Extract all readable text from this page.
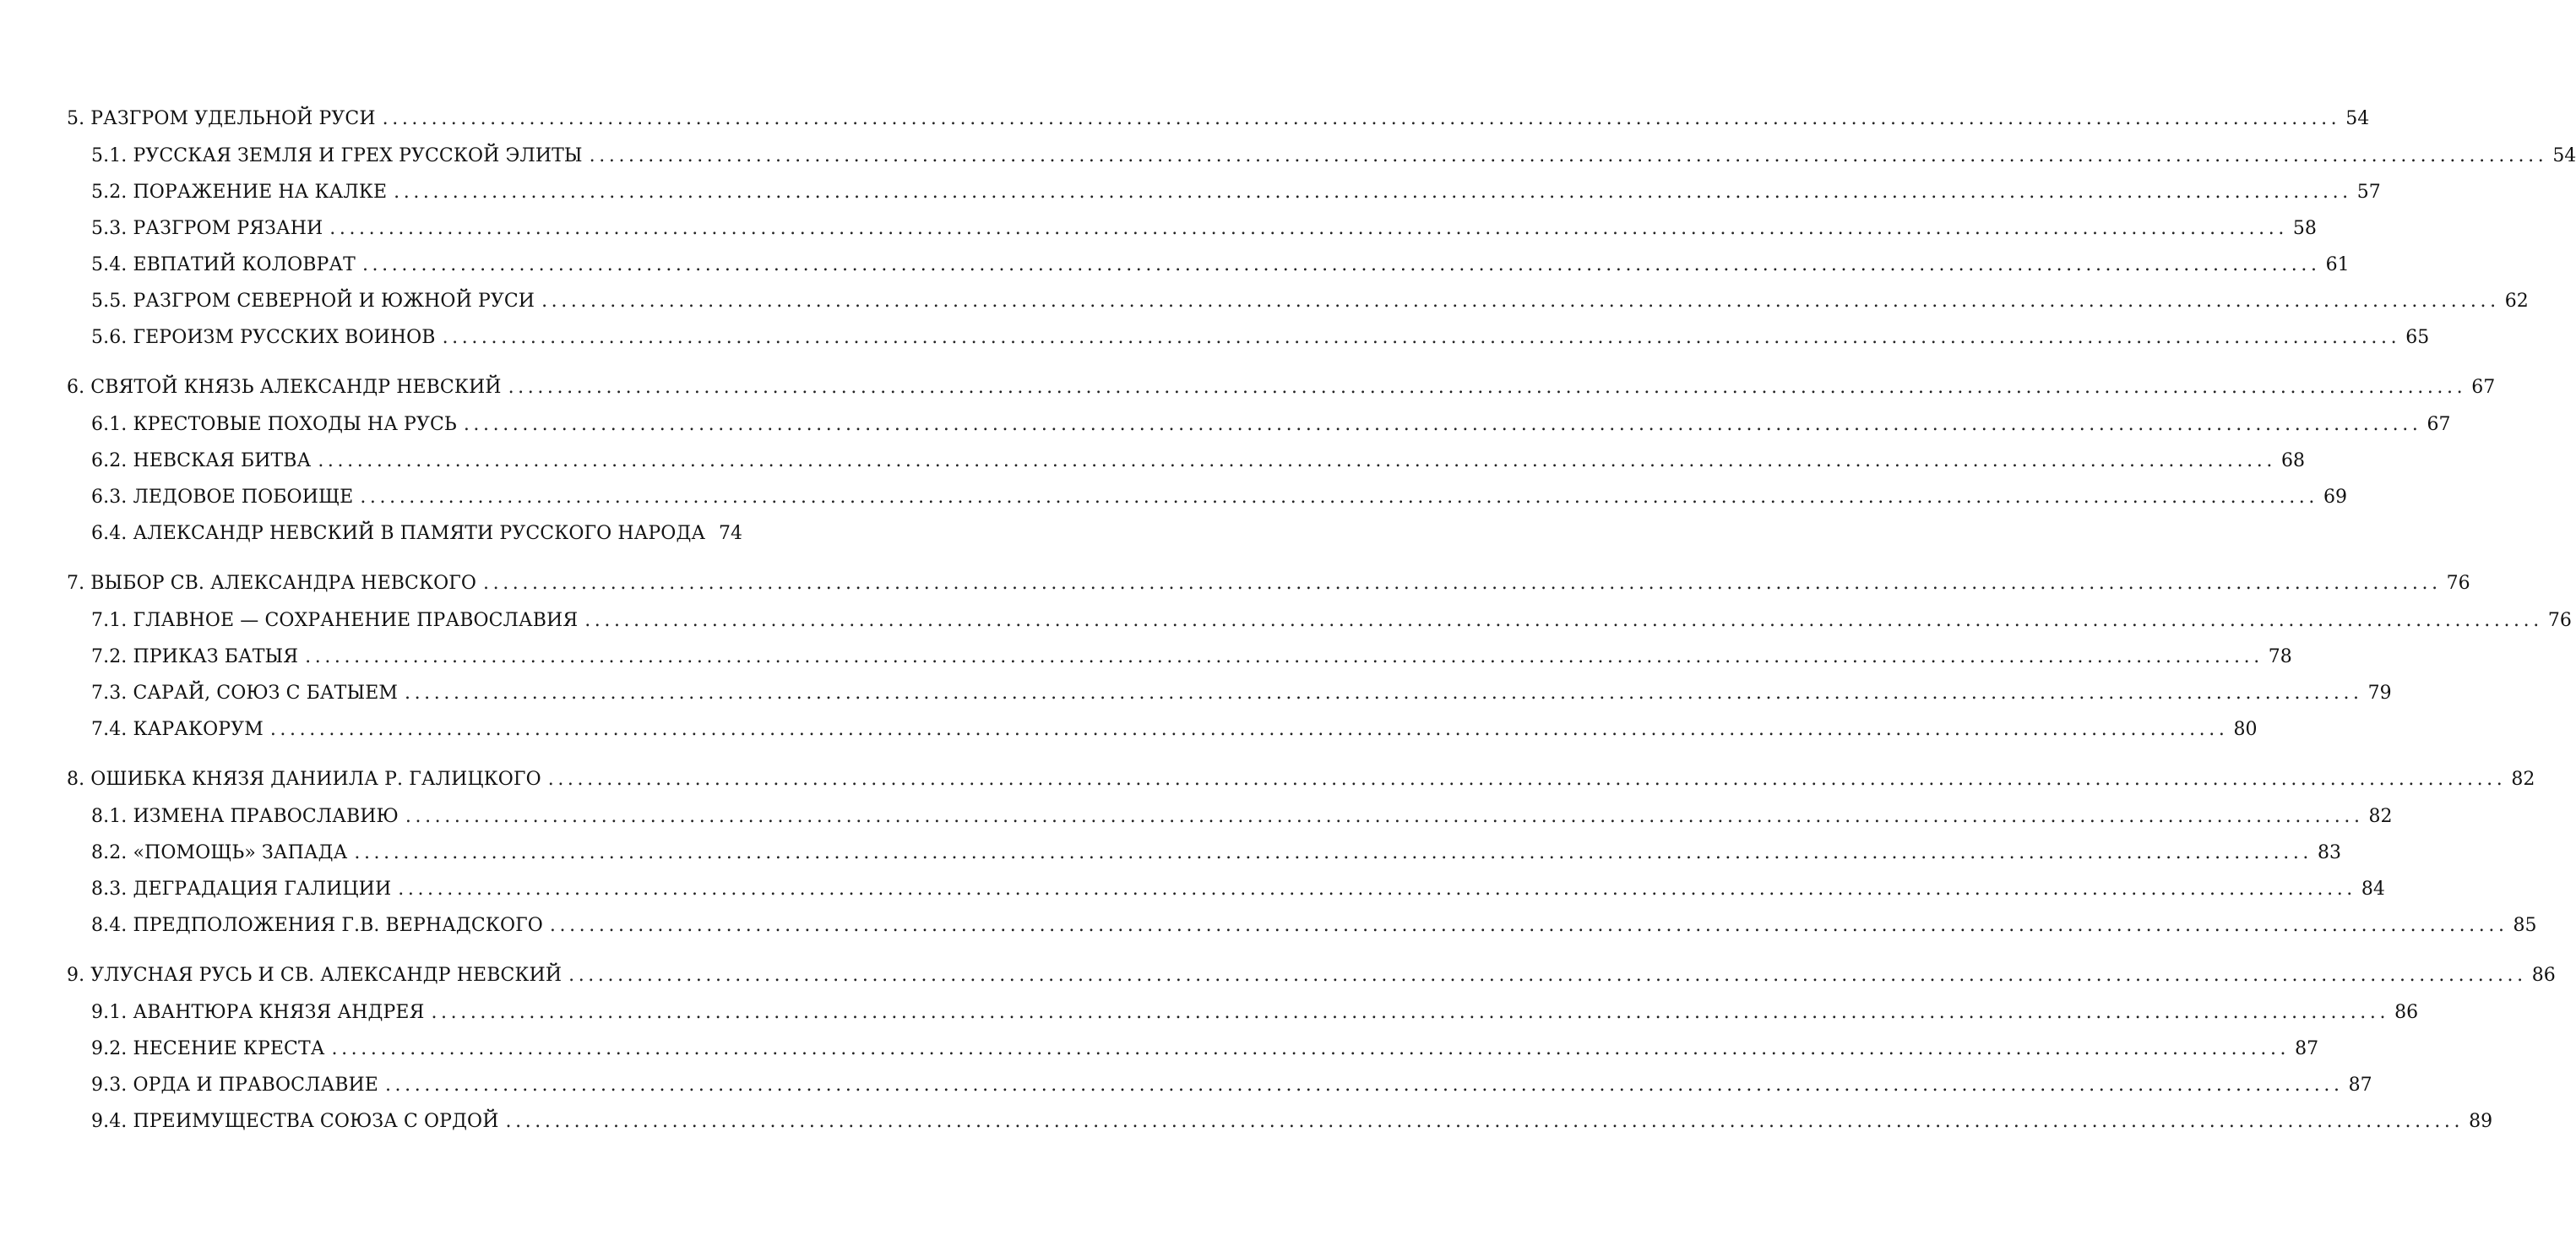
5. РАЗГРОМ УДЕЛЬНОЙ РУСИ ........................................................................................................................................................................................................ 54
5.1. РУССКАЯ ЗЕМЛЯ И ГРЕХ РУССКОЙ ЭЛИТЫ ........................................................................................................................................................................................................ 54
5.2. ПОРАЖЕНИЕ НА КАЛКЕ ........................................................................................................................................................................................................ 57
5.3. РАЗГРОМ РЯЗАНИ ........................................................................................................................................................................................................ 58
5.4. ЕВПАТИЙ КОЛОВРАТ ........................................................................................................................................................................................................ 61
5.5. РАЗГРОМ СЕВЕРНОЙ И ЮЖНОЙ РУСИ ........................................................................................................................................................................................................ 62
5.6. ГЕРОИЗМ РУССКИХ ВОИНОВ ........................................................................................................................................................................................................ 65
6. СВЯТОЙ КНЯЗЬ АЛЕКСАНДР НЕВСКИЙ ........................................................................................................................................................................................................ 67
6.1. КРЕСТОВЫЕ ПОХОДЫ НА РУСЬ ........................................................................................................................................................................................................ 67
6.2. НЕВСКАЯ БИТВА ........................................................................................................................................................................................................ 68
6.3. ЛЕДОВОЕ ПОБОИЩЕ ........................................................................................................................................................................................................ 69
6.4. АЛЕКСАНДР НЕВСКИЙ В ПАМЯТИ РУССКОГО НАРОДА 74
7. ВЫБОР СВ. АЛЕКСАНДРА НЕВСКОГО ........................................................................................................................................................................................................ 76
7.1. ГЛАВНОЕ — СОХРАНЕНИЕ ПРАВОСЛАВИЯ ........................................................................................................................................................................................................ 76
7.2. ПРИКАЗ БАТЫЯ ........................................................................................................................................................................................................ 78
7.3. САРАЙ, СОЮЗ С БАТЫЕМ ........................................................................................................................................................................................................ 79
7.4. КАРАКОРУМ ........................................................................................................................................................................................................ 80
8. ОШИБКА КНЯЗЯ ДАНИИЛА Р. ГАЛИЦКОГО ........................................................................................................................................................................................................ 82
8.1. ИЗМЕНА ПРАВОСЛАВИЮ ........................................................................................................................................................................................................ 82
8.2. «ПОМОЩЬ» ЗАПАДА ........................................................................................................................................................................................................ 83
8.3. ДЕГРАДАЦИЯ ГАЛИЦИИ ........................................................................................................................................................................................................ 84
8.4. ПРЕДПОЛОЖЕНИЯ Г.В. ВЕРНАДСКОГО ........................................................................................................................................................................................................ 85
9. УЛУСНАЯ РУСЬ И СВ. АЛЕКСАНДР НЕВСКИЙ ........................................................................................................................................................................................................ 86
9.1. АВАНТЮРА КНЯЗЯ АНДРЕЯ ........................................................................................................................................................................................................ 86
9.2. НЕСЕНИЕ КРЕСТА ........................................................................................................................................................................................................ 87
9.3. ОРДА И ПРАВОСЛАВИЕ ........................................................................................................................................................................................................ 87
9.4. ПРЕИМУЩЕСТВА СОЮЗА С ОРДОЙ ........................................................................................................................................................................................................ 89
